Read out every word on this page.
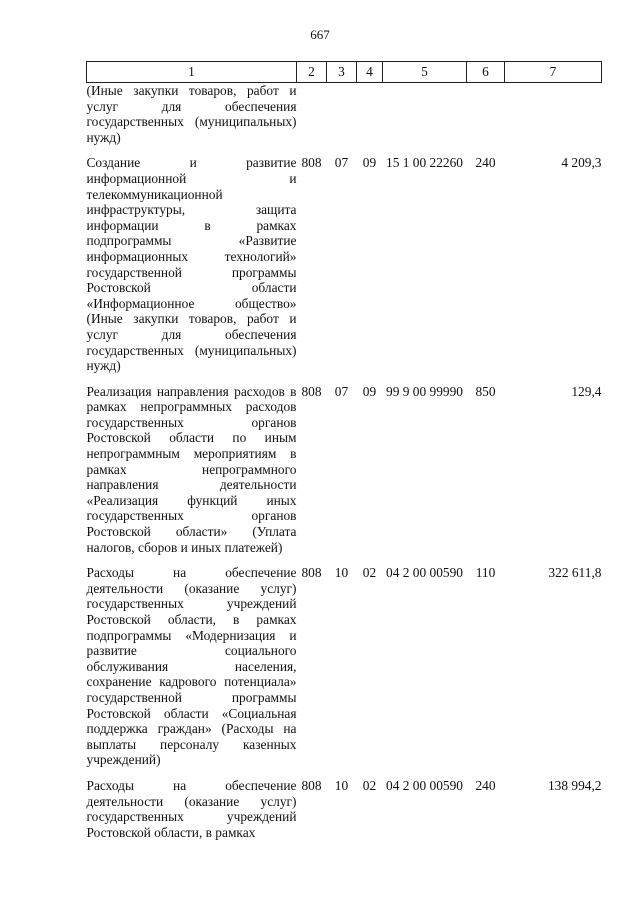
667
1	2	3	4	5	6	7
(Иные закупки товаров, работ и услуг для обеспечения государственных (муниципальных) нужд)						
Создание и развитие информационной и телекоммуникационной инфраструктуры, защита информации в рамках подпрограммы «Развитие информационных технологий» государственной программы Ростовской области «Информационное общество» (Иные закупки товаров, работ и услуг для обеспечения государственных (муниципальных) нужд)	808	07	09	15 1 00 22260	240	4 209,3
Реализация направления расходов в рамках непрограммных расходов государственных органов Ростовской области по иным непрограммным мероприятиям в рамках непрограммного направления деятельности «Реализация функций иных государственных органов Ростовской области» (Уплата налогов, сборов и иных платежей)	808	07	09	99 9 00 99990	850	129,4
Расходы на обеспечение деятельности (оказание услуг) государственных учреждений Ростовской области, в рамках подпрограммы «Модернизация и развитие социального обслуживания населения, сохранение кадрового потенциала» государственной программы Ростовской области «Социальная поддержка граждан» (Расходы на выплаты персоналу казенных учреждений)	808	10	02	04 2 00 00590	110	322 611,8
Расходы на обеспечение деятельности (оказание услуг) государственных учреждений Ростовской области, в рамках	808	10	02	04 2 00 00590	240	138 994,2
